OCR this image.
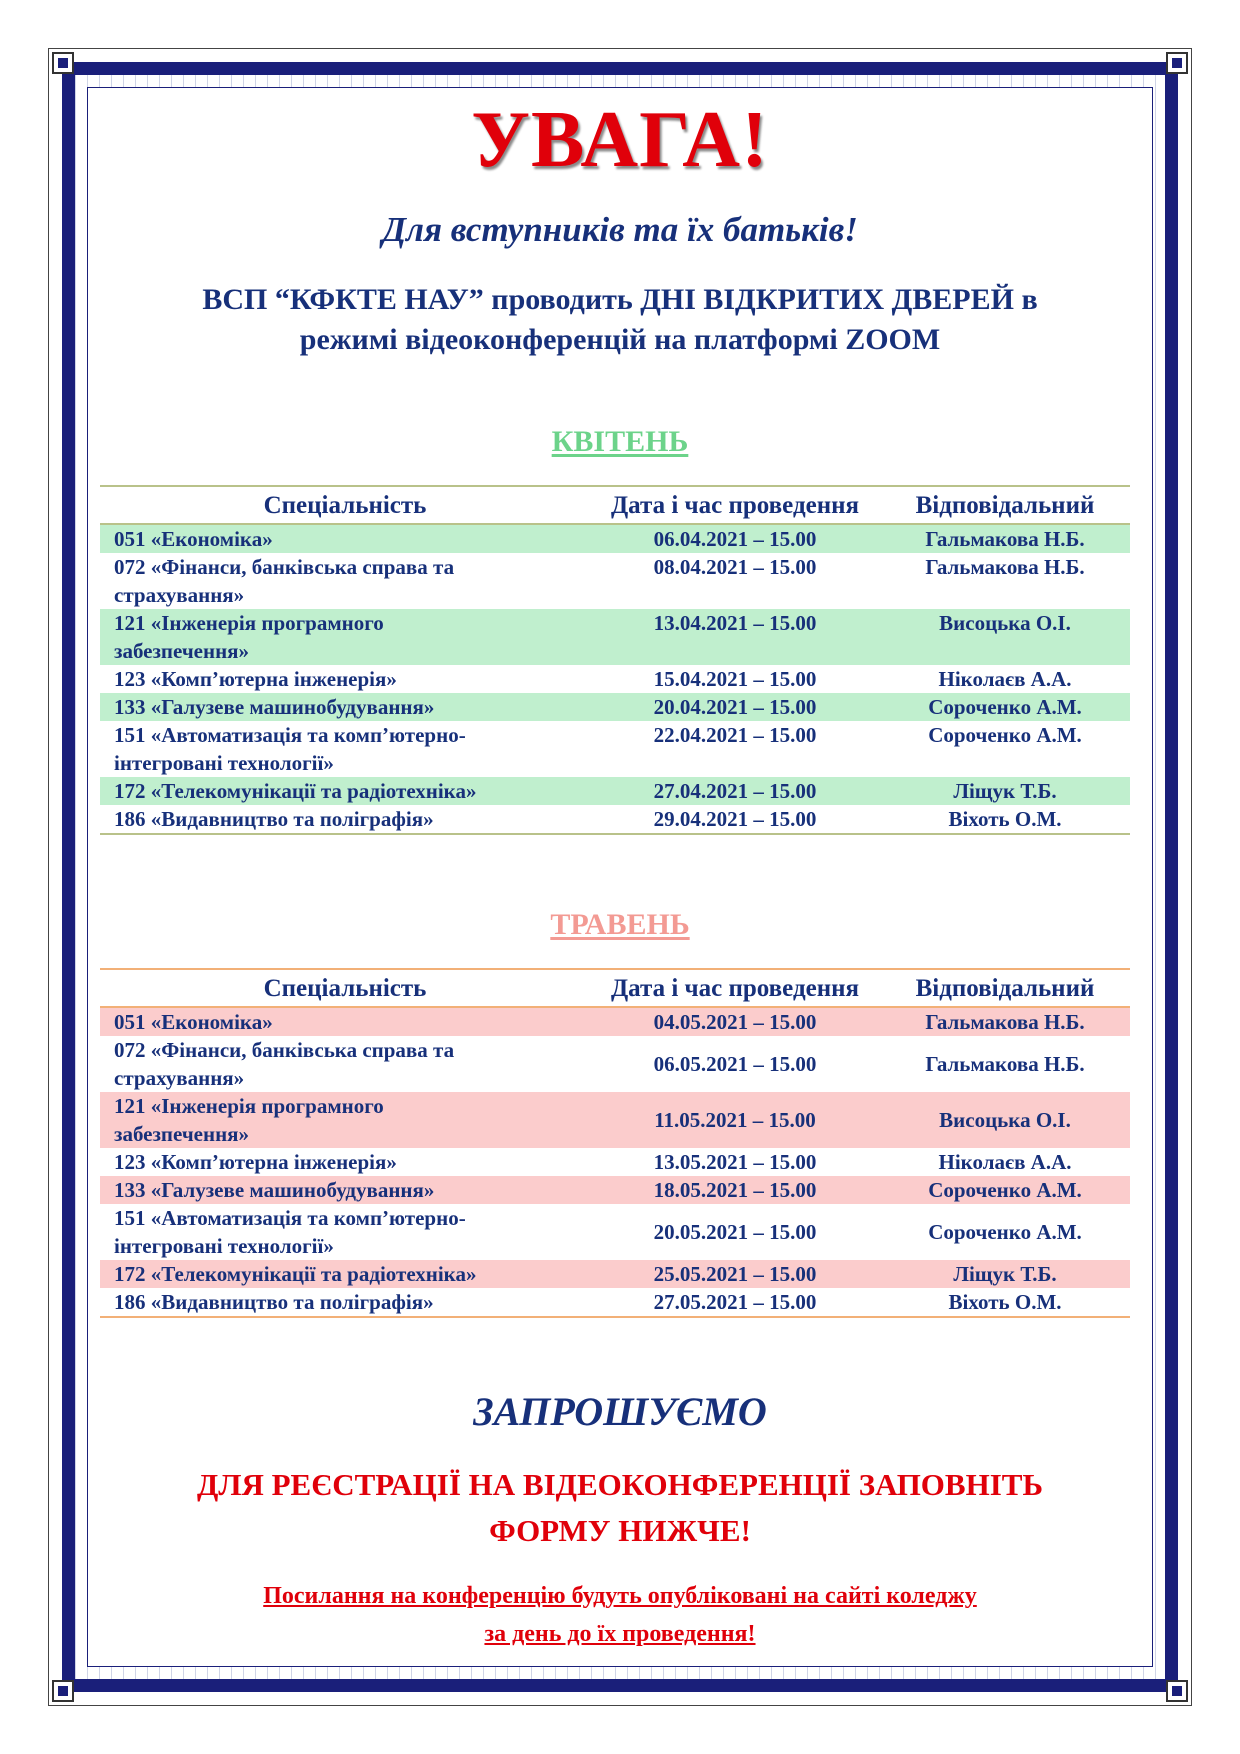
УВАГА!
Для вступників та їх батьків!
ВСП “КФКТЕ НАУ” проводить ДНІ ВІДКРИТИХ ДВЕРЕЙ в
режимі відеоконференцій на платформі ZOOM
КВІТЕНЬ
Спеціальність	Дата і час проведення	Відповідальний

051 «Економіка»	06.04.2021 – 15.00	Гальмакова Н.Б.

072 «Фінанси, банківська справа та
страхування»	08.04.2021 – 15.00	Гальмакова Н.Б.

121 «Інженерія програмного
забезпечення»	13.04.2021 – 15.00	Висоцька О.І.

123 «Комп’ютерна інженерія»	15.04.2021 – 15.00	Ніколаєв А.А.

133 «Галузеве машинобудування»	20.04.2021 – 15.00	Сороченко А.М.

151 «Автоматизація та комп’ютерно-
інтегровані технології»	22.04.2021 – 15.00	Сороченко А.М.

172 «Телекомунікації та радіотехніка»	27.04.2021 – 15.00	Ліщук Т.Б.

186 «Видавництво та поліграфія»	29.04.2021 – 15.00	Віхоть О.М.
ТРАВЕНЬ
Спеціальність	Дата і час проведення	Відповідальний

051 «Економіка»	04.05.2021 – 15.00	Гальмакова Н.Б.

072 «Фінанси, банківська справа та
страхування»	06.05.2021 – 15.00	Гальмакова Н.Б.

121 «Інженерія програмного
забезпечення»	11.05.2021 – 15.00	Висоцька О.І.

123 «Комп’ютерна інженерія»	13.05.2021 – 15.00	Ніколаєв А.А.

133 «Галузеве машинобудування»	18.05.2021 – 15.00	Сороченко А.М.

151 «Автоматизація та комп’ютерно-
інтегровані технології»	20.05.2021 – 15.00	Сороченко А.М.

172 «Телекомунікації та радіотехніка»	25.05.2021 – 15.00	Ліщук Т.Б.

186 «Видавництво та поліграфія»	27.05.2021 – 15.00	Віхоть О.М.
ЗАПРОШУЄМО
ДЛЯ РЕЄСТРАЦІЇ НА ВІДЕОКОНФЕРЕНЦІЇ ЗАПОВНІТЬ
ФОРМУ НИЖЧЕ!
Посилання на конференцію будуть опубліковані на сайті коледжу
за день до їх проведення!
